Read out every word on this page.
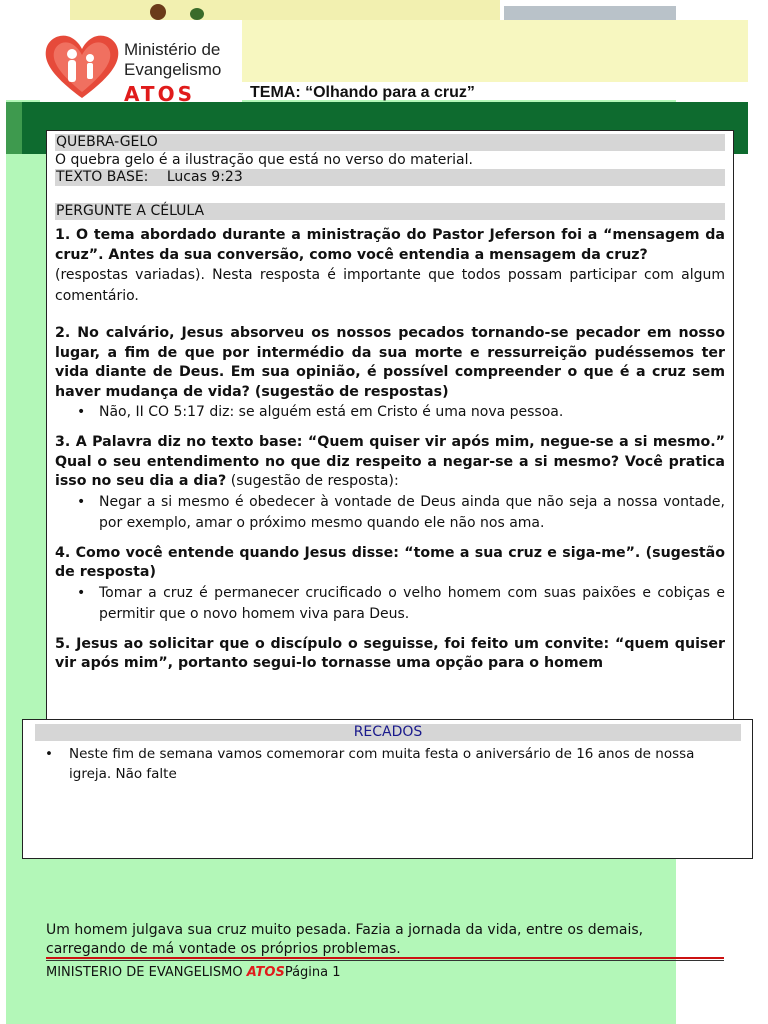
Ministério de Evangelismo
ATOS	TEMA: “Olhando para a cruz”
QUEBRA-GELO
O quebra gelo é a ilustração que está no verso do material.
TEXTO BASE: Lucas 9:23
PERGUNTE A CÉLULA

1. O tema abordado durante a ministração do Pastor Jeferson foi a “mensagem da cruz”. Antes da sua conversão, como você entendia a mensagem da cruz?

(respostas variadas). Nesta resposta é importante que todos possam participar com algum comentário.

2. No calvário, Jesus absorveu os nossos pecados tornando-se pecador em nosso lugar, a fim de que por intermédio da sua morte e ressurreição pudéssemos ter vida diante de Deus. Em sua opinião, é possível compreender o que é a cruz sem haver mudança de vida? (sugestão de respostas)

• Não, II CO 5:17 diz: se alguém está em Cristo é uma nova pessoa.

3. A Palavra diz no texto base: “Quem quiser vir após mim, negue-se a si mesmo.” Qual o seu entendimento no que diz respeito a negar-se a si mesmo? Você pratica isso no seu dia a dia? (sugestão de resposta):

• Negar a si mesmo é obedecer à vontade de Deus ainda que não seja a nossa vontade, por exemplo, amar o próximo mesmo quando ele não nos ama.

4. Como você entende quando Jesus disse: “tome a sua cruz e siga-me”. (sugestão de resposta)

• Tomar a cruz é permanecer crucificado o velho homem com suas paixões e cobiças e permitir que o novo homem viva para Deus.

5. Jesus ao solicitar que o discípulo o seguisse, foi feito um convite: “quem quiser vir após mim”, portanto segui-lo tornasse uma opção para o homem

RECADOS
•	Neste fim de semana vamos comemorar com muita festa o aniversário de 16 anos de nossa igreja. Não falte
Um homem julgava sua cruz muito pesada. Fazia a jornada da vida, entre os demais, carregando de má vontade os próprios problemas.
MINISTERIO DE EVANGELISMO ATOSPágina 1
